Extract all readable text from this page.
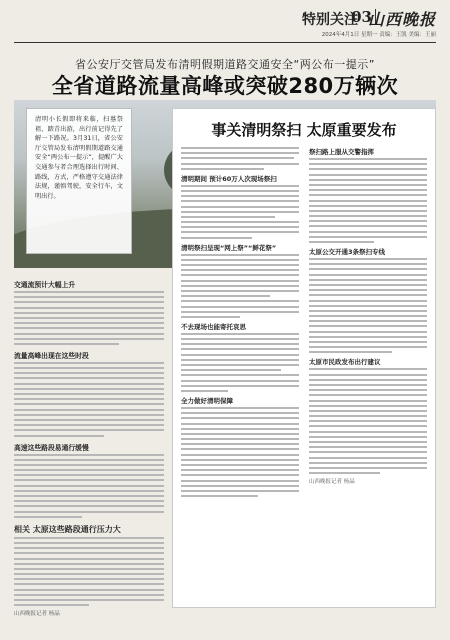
特别关注
03
山西晚报
2024年4月1日 星期一 责编：王凯 美编：王丽
省公安厅交管局发布清明假期道路交通安全“两公布一提示”
全省道路流量高峰或突破280万辆次

清明小长假即将来临，扫墓祭祖、踏青出游，出行前记得先了解一下路况。3月31日，省公安厅交管局发布清明假期道路交通安全“两公布一提示”，提醒广大交通参与者合理选择出行时间、路线，方式，严格遵守交通法律法规，谨慎驾驶，安全行车，文明出行。

事关清明祭扫 太原重要发布
清明期间 预计60万人次现场祭扫
清明祭扫呈现“网上祭”“鲜花祭”
不去现场也能寄托哀思
全力做好清明保障
祭扫路上服从交警指挥
太原公交开通3条祭扫专线
太原市民政发布出行建议
山西晚报记者 杨晶
交通流预计大幅上升
流量高峰出现在这些时段
高速这些路段易通行缓慢
相关 太原这些路段通行压力大
山西晚报记者 杨晶
